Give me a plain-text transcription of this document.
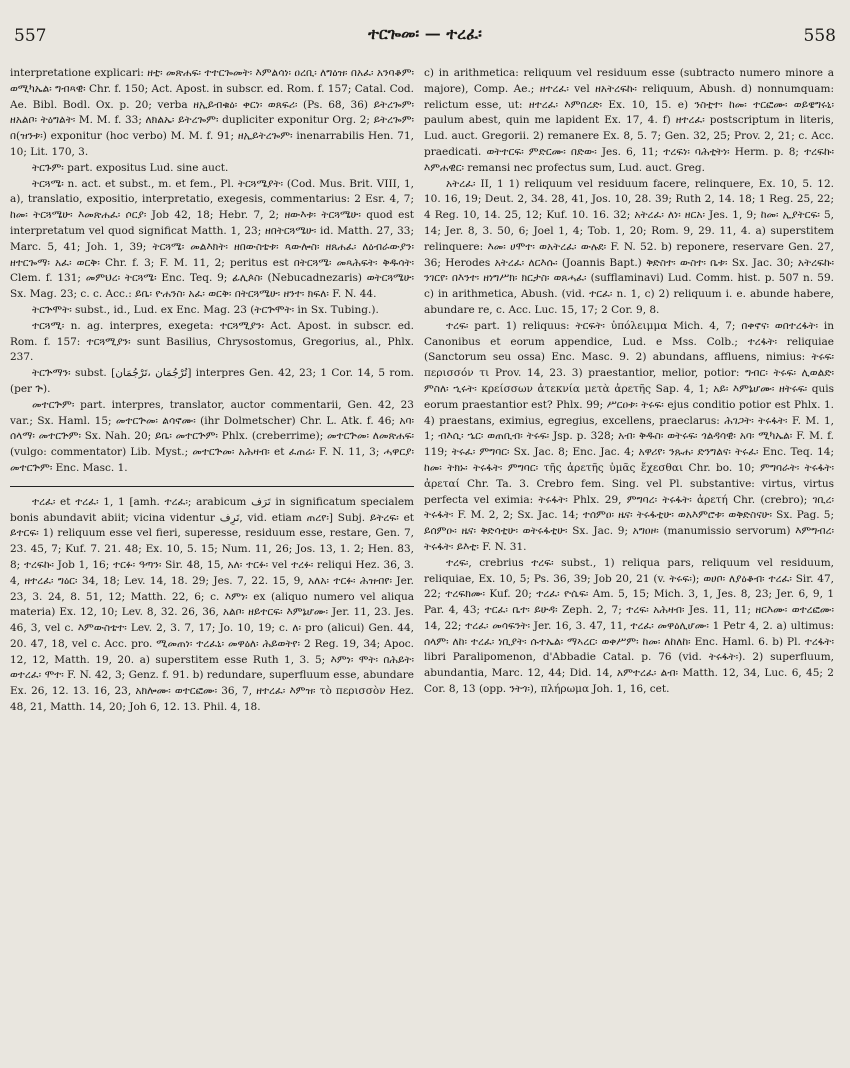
557	ተርጐመ፡ — ተረፈ፡	558

interpretatione explicari: ዘቲ፡ መጽሐፍ፡ ተተርጐመት፡ እምልሳነ፡ ዐረቢ፡ ለግዕዝ፡ በአፈ፡ አንባቆም፡ ወሚካኤል፡ ግብጻዊ፡ Chr. f. 150; Act. Apost. in subscr. ed. Rom. f. 157; Catal. Cod. Ae. Bibl. Bodl. Ox. p. 20; verba ዘኢይብቁዕ፡ ቀርነ፡ ወጸፍሪ፡ (Ps. 68, 36) ይትረጐም፡ ዘአልቦ፡ ትዕግልት፡ M. M. f. 33; ለክልኤ፡ ይትረጐም፡ dupliciter exponitur Org. 2; ይትረጐም፡ በ(ዝንቱ፡) exponitur (hoc verbo) M. M. f. 91; ዘኢይትረጐም፡ inenarrabilis Hen. 71, 10; Lit. 170, 3.

ትርጉም፡ part. expositus Lud. sine auct.

ትርጓሜ፡ n. act. et subst., m. et fem., Pl. ትርጓሜያት፡ (Cod. Mus. Brit. VIII, 1, a), translatio, expositio, interpretatio, exegesis, commentarius: 2 Esr. 4, 7; ከመ፡ ትርጓሜሁ፡ እመጽሐፈ፡ ሶርያ፡ Job 42, 18; Hebr. 7, 2; ዘውእቱ፡ ትርጓሜሁ፡ quod est interpretatum vel quod significat Matth. 1, 23; ዘበትርጓሜሁ፡ id. Matth. 27, 33; Marc. 5, 41; Joh. 1, 39; ትርጓሜ፡ መልእክት፡ ዘበውስቴቱ፡ ጳውሎስ፡ ዘጸሐፈ፡ ለዕብራውያን፡ ዘተርጐማ፡ አፈ፡ ወርቅ፡ Chr. f. 3; F. M. 11, 2; peritus est በትርጓሜ፡ መጻሕፍት፡ ቅዱሳት፡ Clem. f. 131; መምህረ፡ ትርጓሜ፡ Enc. Teq. 9; ፊሊጶስ፡ (Nebucadnezaris) ወትርጓሜሁ፡ Sx. Mag. 23; c. c. Acc.: ይቤ፡ ዮሐንስ፡ አፈ፡ ወርቅ፡ በትርጓሜሁ፡ ዘንተ፡ ክፍለ፡ F. N. 44.

ትርጕሞት፡ subst., id., Lud. ex Enc. Mag. 23 (ትርጕሞት፡ in Sx. Tubing.).

ተርጓሚ፡ n. ag. interpres, exegeta: ተርጓሚያን፡ Act. Apost. in subscr. ed. Rom. f. 157: ተርጓሚያን፡ sunt Basilius, Chrysostomus, Gregorius, al., Phlx. 237.

ትርጕማን፡ subst. [ﺗُﺮْﺟُﻤَﺎﻥ ،ﺗَﺮْﺟُﻤَﺎﻥ] interpres Gen. 42, 23; 1 Cor. 14, 5 rom. (per ጕ).

መተርጕም፡ part. interpres, translator, auctor commentarii, Gen. 42, 23 var.; Sx. Haml. 15; መተርጕመ፡ ልሳኖሙ፡ (ihr Dolmetscher) Chr. L. Atk. f. 46; አባ፡ ሰላማ፡ መተርጕም፡ Sx. Nah. 20; ይቤ፡ መተርጕም፡ Phlx. (creberrime); መተርጕመ፡ ለመጽሐፍ፡ (vulgo: commentator) Lib. Myst.; መተርጕመ፡ አሕዛብ፡ et ፈጠሬ፡ F. N. 11, 3; ሓዋርያ፡ መተርጕም፡ Enc. Masc. 1.

ተረፈ፡ et ተረፈ፡ 1, 1 [amh. ተረፈ፡; arabicum ﺗَﺮَﻑ in significatum specialem bonis abundavit abiit; vicina videntur ﺗَﺮِﻑ, vid. etiam ጠረየ፡] Subj. ይትረፍ፡ et ይተርፍ፡ 1) reliquum esse vel fieri, superesse, residuum esse, restare, Gen. 7, 23. 45, 7; Kuf. 7. 21. 48; Ex. 10, 5. 15; Num. 11, 26; Jos. 13, 1. 2; Hen. 83, 8; ተረፍኩ፡ Job 1, 16; ተርፉ፡ ዓጣን፡ Sir. 48, 15, አለ፡ ተርፉ፡ vel ተረፉ፡ reliqui Hez. 36, 3. 4, ዘተረፈ፡ ግዕር፡ 34, 18; Lev. 14, 18. 29; Jes. 7, 22. 15, 9, አለአ፡ ተርፉ፡ ሕዝብየ፡ Jer. 23, 3. 24, 8. 51, 12; Matth. 22, 6; c. እምነ፡ ex (aliquo numero vel aliqua materia) Ex. 12, 10; Lev. 8, 32. 26, 36, አልቦ፡ ዘይተርፍ፡ እምኔሆሙ፡ Jer. 11, 23. Jes. 46, 3, vel c. እምውስቴተ፡ Lev. 2, 3. 7, 17; Jo. 10, 19; c. ለ፡ pro (alicui) Gen. 44, 20. 47, 18, vel c. Acc. pro. ሚመጠነ፡ ተረፈኒ፡ መዋዕለ፡ ሕይወትየ፡ 2 Reg. 19, 34; Apoc. 12, 12, Matth. 19, 20. a) superstitem esse Ruth 1, 3. 5; እምነ፡ ሞት፡ በሕይት፡ ወተረፈ፡ ሞተ፡ F. N. 42, 3; Genz. f. 91. b) redundare, superfluum esse, abundare Ex. 26, 12. 13. 16, 23, አክሎሙ፡ ወተርፎሙ፡ 36, 7, ዘተረፈ፡ እምዝ፡ τὸ περισσὸν Hez. 48, 21, Matth. 14, 20; Joh 6, 12. 13. Phil. 4, 18.

c) in arithmetica: reliquum vel residuum esse (subtracto numero minore a majore), Comp. Ae.; ዘተረፈ፡ vel ዘአትረፍኩ፡ reliquum, Abush. d) nonnumquam: relictum esse, ut: ዘተረፈ፡ እምበረድ፡ Ex. 10, 15. e) ንስቲተ፡ ከመ፡ ተርፎሙ፡ ወይዌግሩኒ፡ paulum abest, quin me lapident Ex. 17, 4. f) ዘተረፈ፡ postscriptum in literis, Lud. auct. Gregorii. 2) remanere Ex. 8, 5. 7; Gen. 32, 25; Prov. 2, 21; c. Acc. praedicati. ወትተርፍ፡ ምድርሙ፡ በድው፡ Jes. 6, 11; ተረፍነ፡ ባሕቲትነ፡ Herm. p. 8; ተረፍኩ፡ እምሐዊር፡ remansi nec profectus sum, Lud. auct. Greg.

አትረፈ፡ II, 1 1) reliquum vel residuum facere, relinquere, Ex. 10, 5. 12. 10. 16, 19; Deut. 2, 34. 28, 41, Jos. 10, 28. 39; Ruth 2, 14. 18; 1 Reg. 25, 22; 4 Reg. 10, 14. 25, 12; Kuf. 10. 16. 32; አትረፈ፡ ለነ፡ ዘርአ፡ Jes. 1, 9; ከመ፡ ኢያትርፍ፡ 5, 14; Jer. 8, 3. 50, 6; Joel 1, 4; Tob. 1, 20; Rom. 9, 29. 11, 4. a) superstitem relinquere: እመ፡ ሀሞተ፡ ወአትረፈ፡ ውሉደ፡ F. N. 52. b) reponere, reservare Gen. 27, 36; Herodes አትረፈ፡ ለርእሱ፡ (Joannis Bapt.) ቅድስተ፡ ውስተ፡ ቤቱ፡ Sx. Jac. 30; አትረፍኩ፡ ንገርየ፡ በእንተ፡ ዘነግሥክ፡ ክርታስ፡ ወጸሓፈ፡ (sufflaminavi) Lud. Comm. hist. p. 507 n. 59. c) in arithmetica, Abush. (vid. ተርፈ፡ n. 1, c) 2) reliquum i. e. abunde habere, abundare re, c. Acc. Luc. 15, 17; 2 Cor. 9, 8.

ተረፍ፡ part. 1) reliquus: ትርፍት፡ ὑπόλειμμα Mich. 4, 7; በቀኖና፡ ወበተረፋት፡ in Canonibus et eorum appendice, Lud. e Mss. Colb.; ተረፋት፡ reliquiae (Sanctorum seu ossa) Enc. Masc. 9. 2) abundans, affluens, nimius: ትሩፍ፡ περισσόν τι Prov. 14, 23. 3) praestantior, melior, potior: ግብር፡ ትሩፍ፡ ሊወልድ፡ ምስለ፡ ኂሩት፡ κρείσσων ἀτεκνία μετὰ ἀρετῆς Sap. 4, 1; አይ፡ እምኔሆሙ፡ ዘትሩፍ፡ quis eorum praestantior est? Phlx. 99; ሥርዐቱ፡ ትሩፍ፡ ejus conditio potior est Phlx. 1. 4) praestans, eximius, egregius, excellens, praeclarus: ሕገጋት፡ ትሩፋት፡ F. M. 1, 1; ብእሲ፡ ኄር፡ ወጠቢብ፡ ትሩፍ፡ Jsp. p. 328; አብ፡ ቅዱስ፡ ወትሩፍ፡ ጎልዳሳዊ፡ አባ፡ ሚካኤል፡ F. M. f. 119; ትሩፈ፡ ምግባር፡ Sx. Jac. 8; Enc. Jac. 4; አዋሪየ፡ ንጹሐ፡ ድንግልና፡ ትሩፈ፡ Enc. Teq. 14; ከመ፡ ትክኑ፡ ትሩፋት፡ ምግባር፡ τῆς ἀρετῆς ὑμᾶς ἔχεσθαι Chr. bo. 10; ምግባራት፡ ትሩፋት፡ ἀρεταί Chr. Ta. 3. Crebro fem. Sing. vel Pl. substantive: virtus, virtus perfecta vel eximia: ትሩፋት፡ Phlx. 29, ምግባረ፡ ትሩፋት፡ ἀρετή Chr. (crebro); ገቢረ፡ ትሩፋት፡ F. M. 2, 2; Sx. Jac. 14; ተሰምዐ፡ ዜና፡ ትሩፋቲሁ፡ ወአእምሮቱ፡ ወቅድስናሁ፡ Sx. Pag. 5; ይሰምዑ፡ ዜና፡ ቅድሳቲሁ፡ ወትሩፋቲሁ፡ Sx. Jac. 9; አግዐዞ፡ (manumissio servorum) እምግብረ፡ ትሩፋት፡ ይእቲ፡ F. N. 31.

ተረፍ፡, crebrius ተረፍ፡ subst., 1) reliqua pars, reliquum vel residuum, reliquiae, Ex. 10, 5; Ps. 36, 39; Job 20, 21 (v. ትሩፍ፡); ወሀቦ፡ ለያዕቆብ፡ ተረፈ፡ Sir. 47, 22; ተረፍክሙ፡ Kuf. 20; ተረፈ፡ ዮሴፍ፡ Am. 5, 15; Mich. 3, 1, Jes. 8, 23; Jer. 6, 9, 1 Par. 4, 43; ተርፈ፡ ቤተ፡ ይሁዳ፡ Zeph. 2, 7; ተረፍ፡ አሕዛብ፡ Jes. 11, 11; ዘርእሙ፡ ወተረፎሙ፡ 14, 22; ተረፈ፡ መሳፍንት፡ Jer. 16, 3. 47, 11, ተረፈ፡ መዋዕሊሆሙ፡ 1 Petr 4, 2. a) ultimus: ሰላም፡ ለከ፡ ተረፈ፡ ነቢያት፡ ሱተኤል፡ ማኣረር፡ ወቀሥም፡ ከመ፡ ለከለከ፡ Enc. Haml. 6. b) Pl. ተረፋት፡ libri Paralipomenon, d'Abbadie Catal. p. 76 (vid. ትሩፋት፡). 2) superfluum, abundantia, Marc. 12, 44; Did. 14, አምተረፈ፡ ልብ፡ Matth. 12, 34, Luc. 6, 45; 2 Cor. 8, 13 (opp. ንትጎ፡), πλήρωμα Joh. 1, 16, cet.
